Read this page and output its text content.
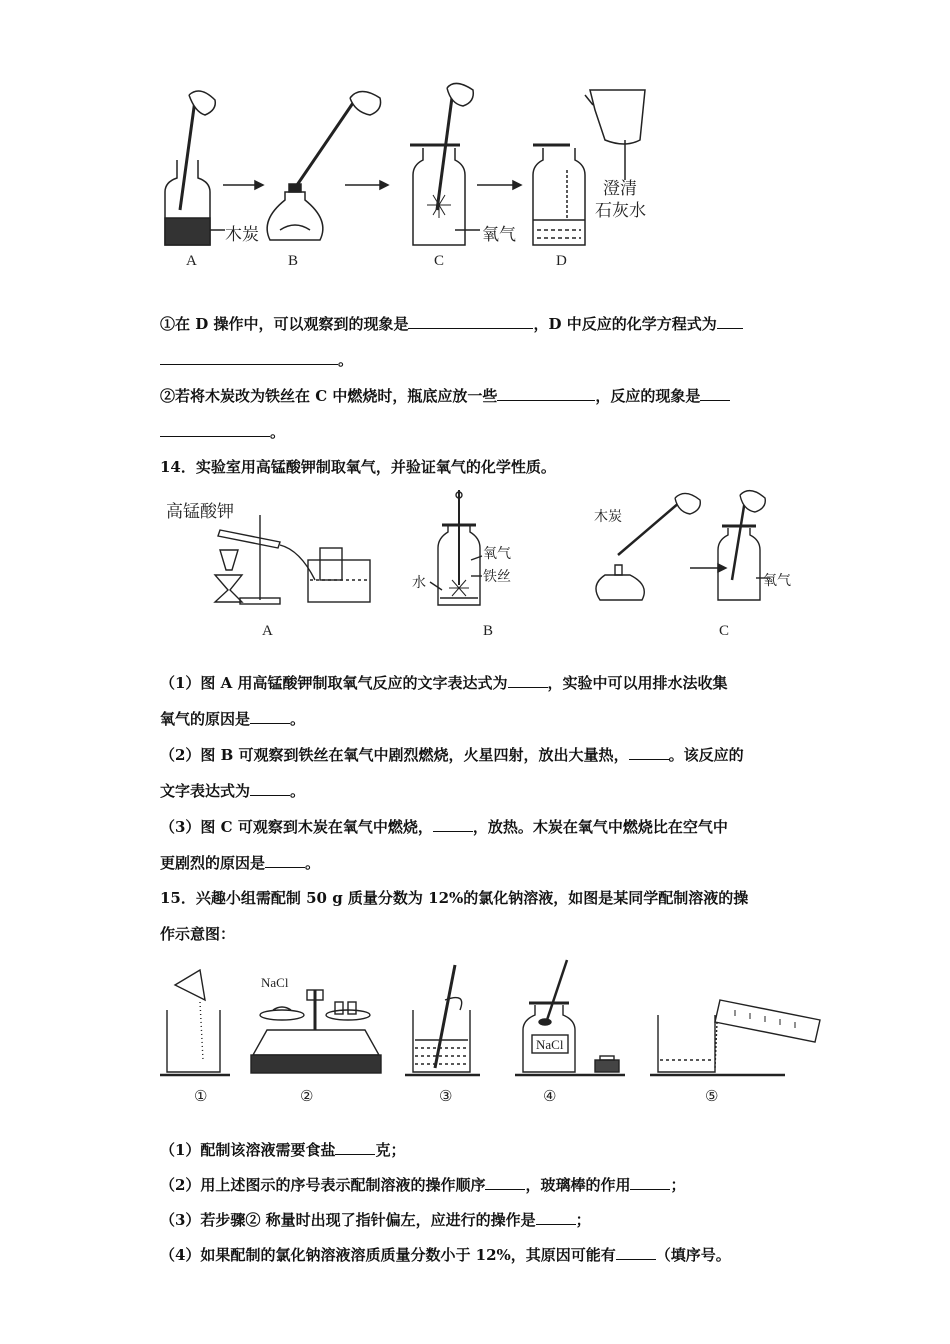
木炭	氧气
澄清
石灰水
A	B	C	D
①在 D 操作中，可以观察到的现象是	，D 中反应的化学方程式为
。
②若将木炭改为铁丝在 C 中燃烧时，瓶底应放一些	，反应的现象是
。
14．实验室用高锰酸钾制取氧气，并验证氧气的化学性质。
高锰酸钾
氧气
铁丝
水
木炭
氧气
A	B	C
（1）图 A 用高锰酸钾制取氧气反应的文字表达式为	，实验中可以用排水法收集
氧气的原因是	。
（2）图 B 可观察到铁丝在氧气中剧烈燃烧，火星四射，放出大量热，	。该反应的
文字表达式为	。
（3）图 C 可观察到木炭在氧气中燃烧，	，放热。木炭在氧气中燃烧比在空气中
更剧烈的原因是	。
15．兴趣小组需配制 50 g 质量分数为 12%的氯化钠溶液，如图是某同学配制溶液的操
作示意图：
NaCl
NaCl
①	②	③	④	⑤
（1）配制该溶液需要食盐	克；
（2）用上述图示的序号表示配制溶液的操作顺序	，玻璃棒的作用	；
（3）若步骤② 称量时出现了指针偏左，应进行的操作是	；
（4）如果配制的氯化钠溶液溶质质量分数小于 12%，其原因可能有	（填序号。
